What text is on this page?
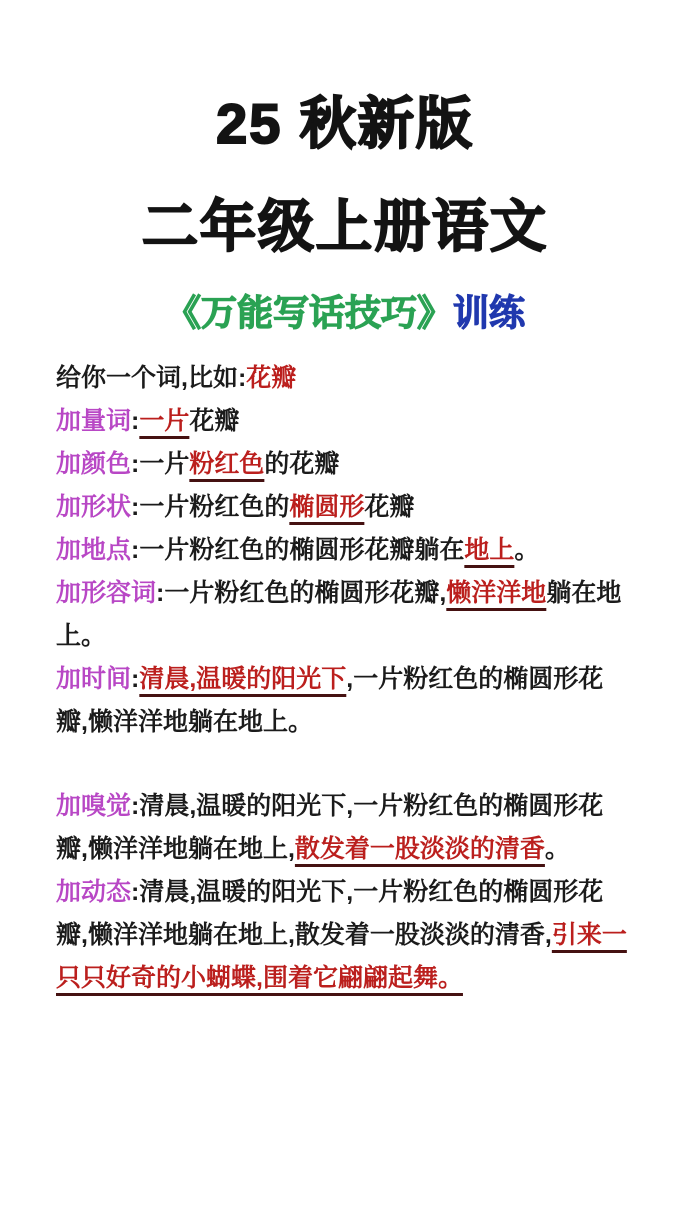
25 秋新版
二年级上册语文
《万能写话技巧》训练

给你一个词,比如:花瓣

加量词:一片花瓣

加颜色:一片粉红色的花瓣

加形状:一片粉红色的椭圆形花瓣

加地点:一片粉红色的椭圆形花瓣躺在地上。

加形容词:一片粉红色的椭圆形花瓣,懒洋洋地躺在地上。

加时间:清晨,温暖的阳光下,一片粉红色的椭圆形花瓣,懒洋洋地躺在地上。

加嗅觉:清晨,温暖的阳光下,一片粉红色的椭圆形花瓣,懒洋洋地躺在地上,散发着一股淡淡的清香。

加动态:清晨,温暖的阳光下,一片粉红色的椭圆形花瓣,懒洋洋地躺在地上,散发着一股淡淡的清香,引来一只只好奇的小蝴蝶,围着它翩翩起舞。
